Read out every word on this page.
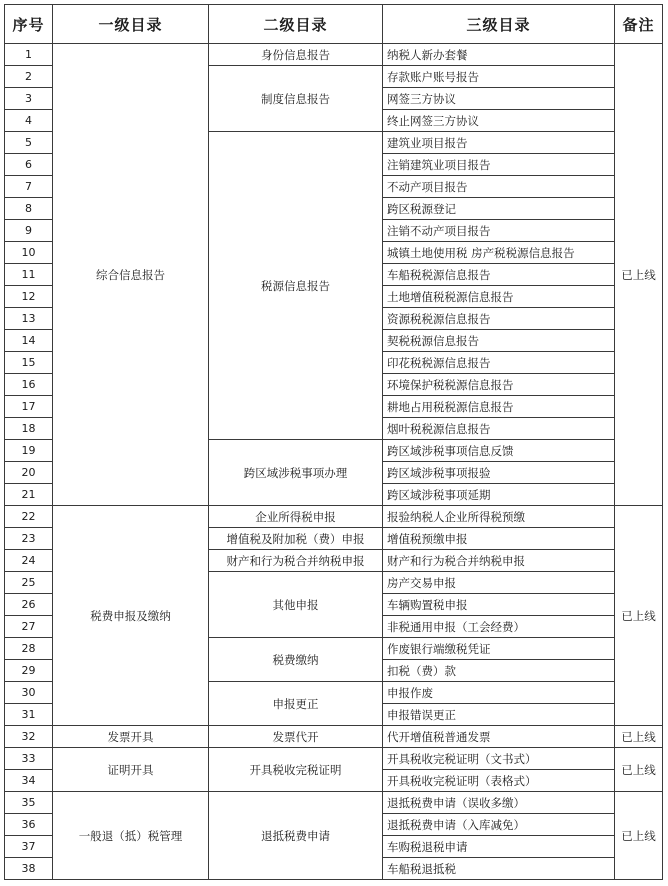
序号	一级目录	二级目录	三级目录	备注
1	综合信息报告	身份信息报告	纳税人新办套餐	已上线
2		制度信息报告	存款账户账号报告	
3			网签三方协议	
4			终止网签三方协议	
5		税源信息报告	建筑业项目报告	
6			注销建筑业项目报告	
7			不动产项目报告	
8			跨区税源登记	
9			注销不动产项目报告	
10			城镇土地使用税 房产税税源信息报告	
11			车船税税源信息报告	
12			土地增值税税源信息报告	
13			资源税税源信息报告	
14			契税税源信息报告	
15			印花税税源信息报告	
16			环境保护税税源信息报告	
17			耕地占用税税源信息报告	
18			烟叶税税源信息报告	
19		跨区域涉税事项办理	跨区域涉税事项信息反馈	
20			跨区域涉税事项报验	
21			跨区域涉税事项延期	
22	税费申报及缴纳	企业所得税申报	报验纳税人企业所得税预缴	已上线
23		增值税及附加税（费）申报	增值税预缴申报	
24		财产和行为税合并纳税申报	财产和行为税合并纳税申报	
25		其他申报	房产交易申报	
26			车辆购置税申报	
27			非税通用申报（工会经费）	
28		税费缴纳	作废银行端缴税凭证	
29			扣税（费）款	
30		申报更正	申报作废	
31			申报错误更正	
32	发票开具	发票代开	代开增值税普通发票	已上线
33	证明开具	开具税收完税证明	开具税收完税证明（文书式）	已上线
34			开具税收完税证明（表格式）	
35	一般退（抵）税管理	退抵税费申请	退抵税费申请（误收多缴）	已上线
36			退抵税费申请（入库减免）	
37			车购税退税申请	
38			车船税退抵税	
